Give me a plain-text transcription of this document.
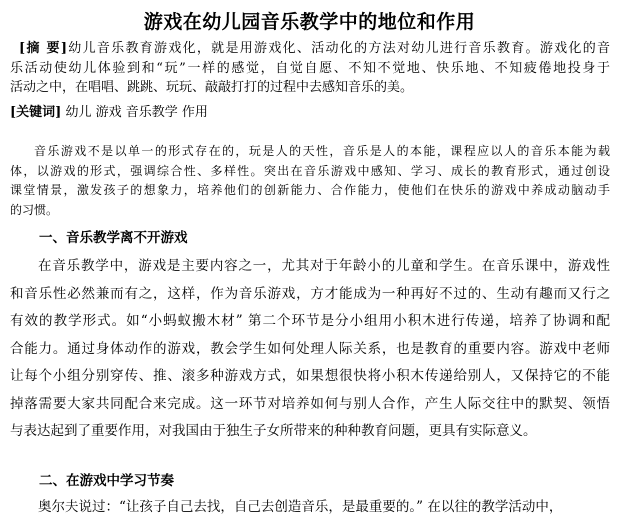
游戏在幼儿园音乐教学中的地位和作用
[摘 要]幼儿音乐教育游戏化，就是用游戏化、活动化的方法对幼儿进行音乐教育。游戏化的音
乐活动使幼儿体验到和“玩”一样的感觉，自觉自愿、不知不觉地、快乐地、不知疲倦地投身于
活动之中，在唱唱、跳跳、玩玩、敲敲打打的过程中去感知音乐的美。
[关键词] 幼儿 游戏 音乐教学 作用
音乐游戏不是以单一的形式存在的，玩是人的天性，音乐是人的本能，课程应以人的音乐本能为载
体，以游戏的形式，强调综合性、多样性。突出在音乐游戏中感知、学习、成长的教育形式，通过创设
课堂情景，激发孩子的想象力，培养他们的创新能力、合作能力，使他们在快乐的游戏中养成动脑动手
的习惯。
一、音乐教学离不开游戏
在音乐教学中，游戏是主要内容之一，尤其对于年龄小的儿童和学生。在音乐课中，游戏性
和音乐性必然兼而有之，这样，作为音乐游戏，方才能成为一种再好不过的、生动有趣而又行之
有效的教学形式。如“小蚂蚁搬木材” 第二个环节是分小组用小积木进行传递，培养了协调和配
合能力。通过身体动作的游戏，教会学生如何处理人际关系，也是教育的重要内容。游戏中老师
让每个小组分别穿传、推、滚多种游戏方式，如果想很快将小积木传递给别人，又保持它的不能
掉落需要大家共同配合来完成。这一环节对培养如何与别人合作，产生人际交往中的默契、领悟
与表达起到了重要作用，对我国由于独生子女所带来的种种教育问题，更具有实际意义。
二、在游戏中学习节奏
奥尔夫说过：“让孩子自己去找，自己去创造音乐，是最重要的。” 在以往的教学活动中，
